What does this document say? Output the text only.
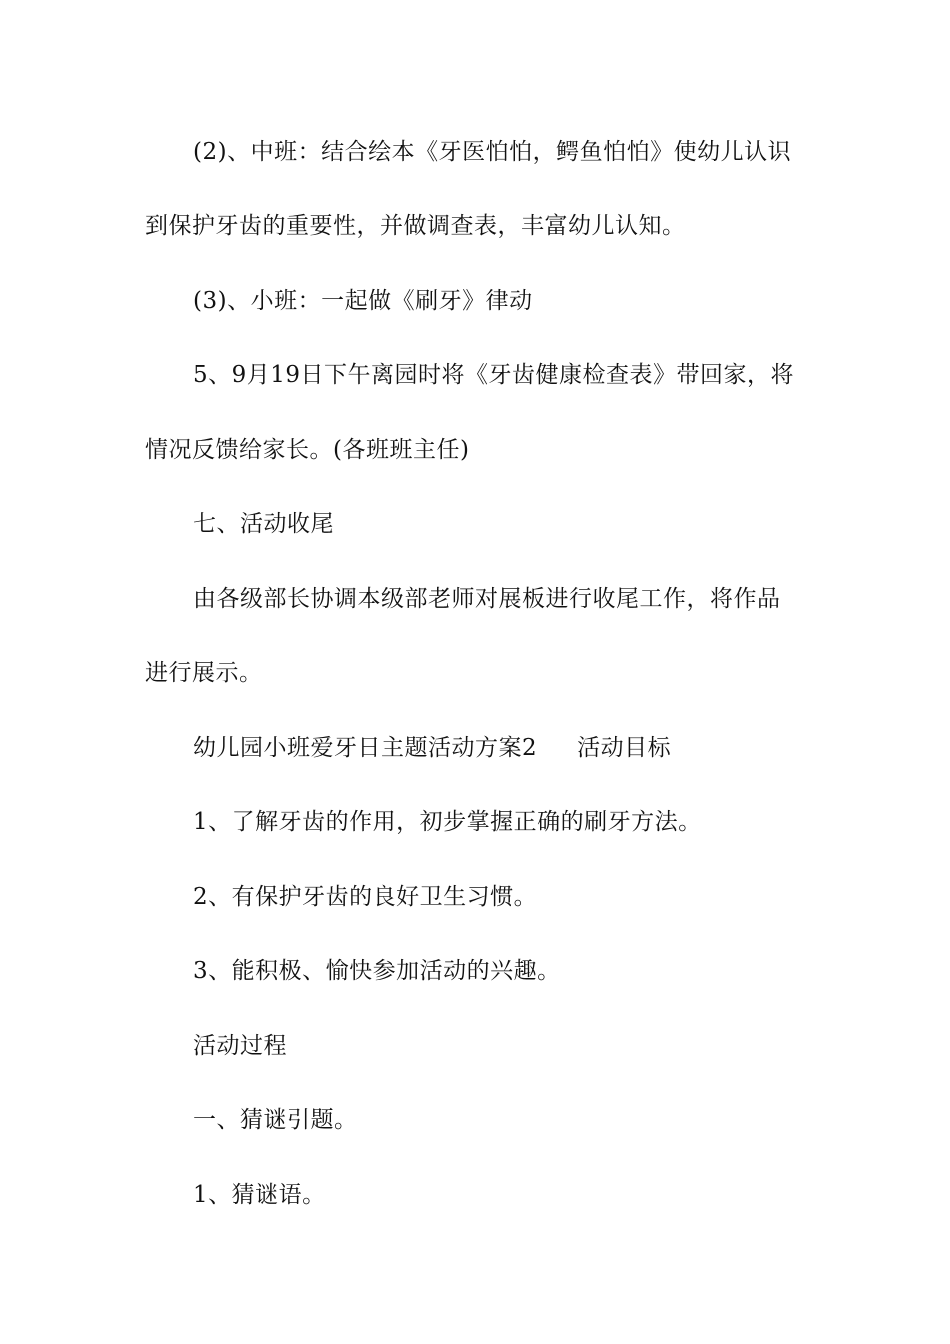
(2)、中班：结合绘本《牙医怕怕，鳄鱼怕怕》使幼儿认识
到保护牙齿的重要性，并做调查表，丰富幼儿认知。
(3)、小班：一起做《刷牙》律动
5、9月19日下午离园时将《牙齿健康检查表》带回家，将
情况反馈给家长。(各班班主任)
七、活动收尾
由各级部长协调本级部老师对展板进行收尾工作，将作品
进行展示。
幼儿园小班爱牙日主题活动方案2 活动目标
1、了解牙齿的作用，初步掌握正确的刷牙方法。
2、有保护牙齿的良好卫生习惯。
3、能积极、愉快参加活动的兴趣。
活动过程
一、猜谜引题。
1、猜谜语。
